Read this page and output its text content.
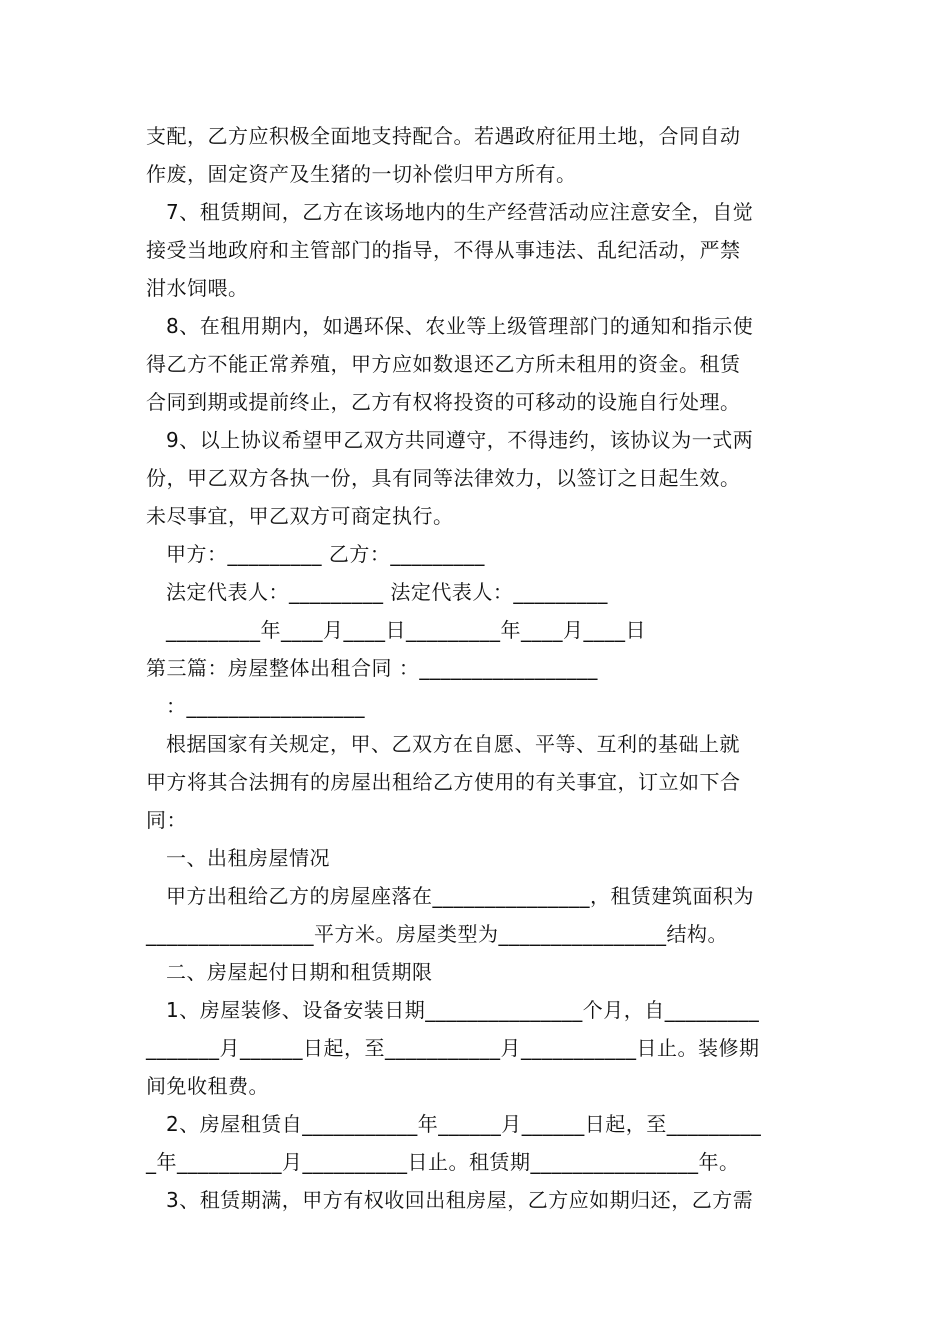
支配，乙方应积极全面地支持配合。若遇政府征用土地，合同自动
作废，固定资产及生猪的一切补偿归甲方所有。
7、租赁期间，乙方在该场地内的生产经营活动应注意安全，自觉
接受当地政府和主管部门的指导，不得从事违法、乱纪活动，严禁
泔水饲喂。
8、在租用期内，如遇环保、农业等上级管理部门的通知和指示使
得乙方不能正常养殖，甲方应如数退还乙方所未租用的资金。租赁
合同到期或提前终止，乙方有权将投资的可移动的设施自行处理。
9、以上协议希望甲乙双方共同遵守，不得违约，该协议为一式两
份，甲乙双方各执一份，具有同等法律效力，以签订之日起生效。
未尽事宜，甲乙双方可商定执行。
甲方：_________ 乙方：_________
法定代表人：_________ 法定代表人：_________
_________年____月____日_________年____月____日
第三篇：房屋整体出租合同 ：_________________
：_________________
根据国家有关规定，甲、乙双方在自愿、平等、互利的基础上就
甲方将其合法拥有的房屋出租给乙方使用的有关事宜，订立如下合
同：
一、出租房屋情况
甲方出租给乙方的房屋座落在_______________，租赁建筑面积为
________________平方米。房屋类型为________________结构。
二、房屋起付日期和租赁期限
1、房屋装修、设备安装日期_______________个月，自_________
_______月______日起，至___________月___________日止。装修期
间免收租费。
2、房屋租赁自___________年______月______日起，至_________
_年__________月__________日止。租赁期________________年。
3、租赁期满，甲方有权收回出租房屋，乙方应如期归还，乙方需
